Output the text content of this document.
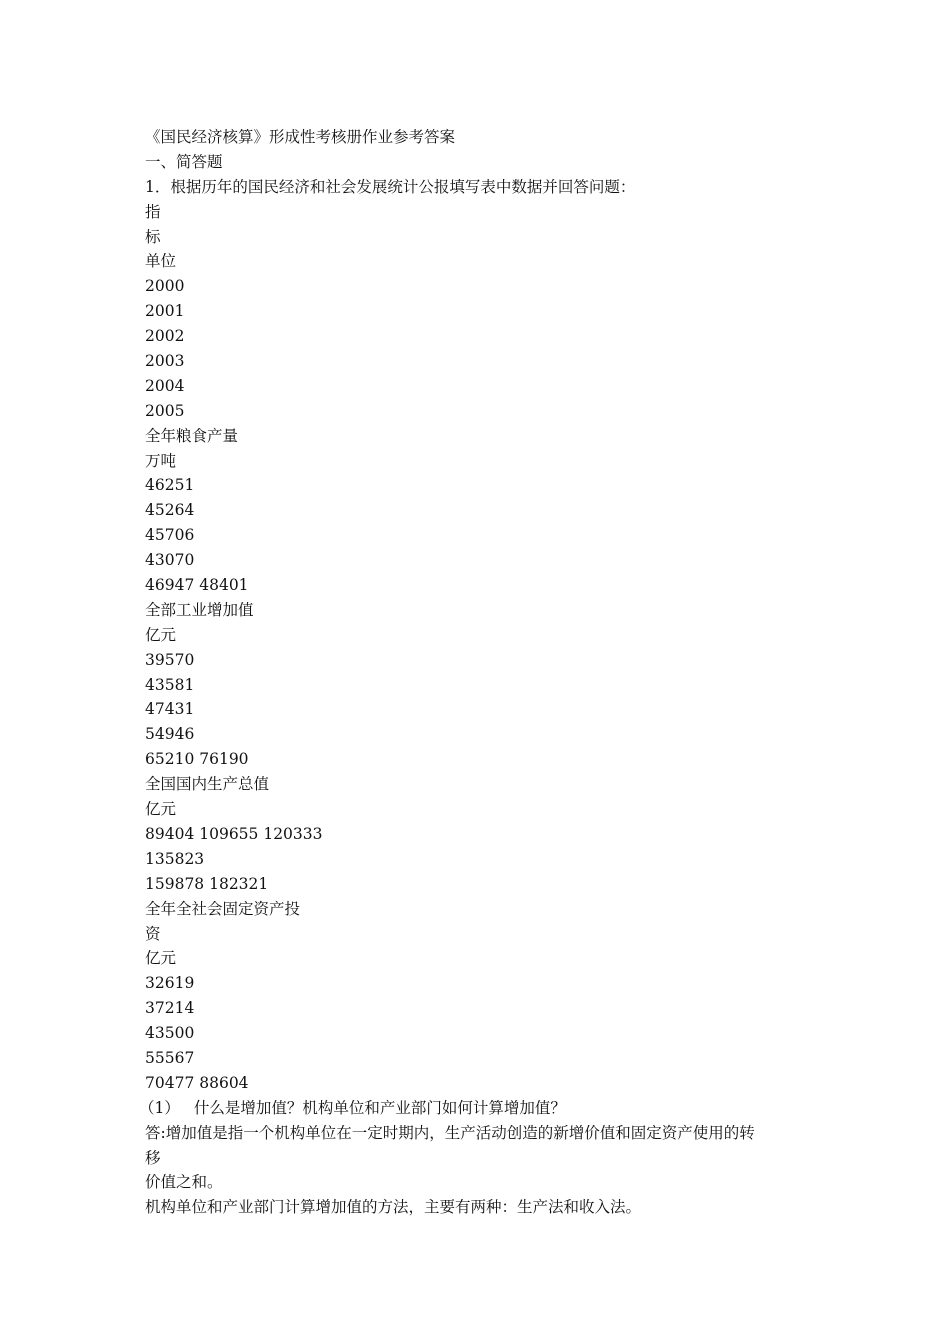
《国民经济核算》形成性考核册作业参考答案
一、简答题
1．根据历年的国民经济和社会发展统计公报填写表中数据并回答问题：
指
标
单位
2000
2001
2002
2003
2004
2005
全年粮食产量
万吨
46251
45264
45706
43070
46947 48401
全部工业增加值
亿元
39570
43581
47431
54946
65210 76190
全国国内生产总值
亿元
89404 109655 120333
135823
159878 182321
全年全社会固定资产投
资
亿元
32619
37214
43500
55567
70477 88604
（1） 什么是增加值？机构单位和产业部门如何计算增加值？
答:增加值是指一个机构单位在一定时期内，生产活动创造的新增价值和固定资产使用的转
移
价值之和。
机构单位和产业部门计算增加值的方法，主要有两种：生产法和收入法。
